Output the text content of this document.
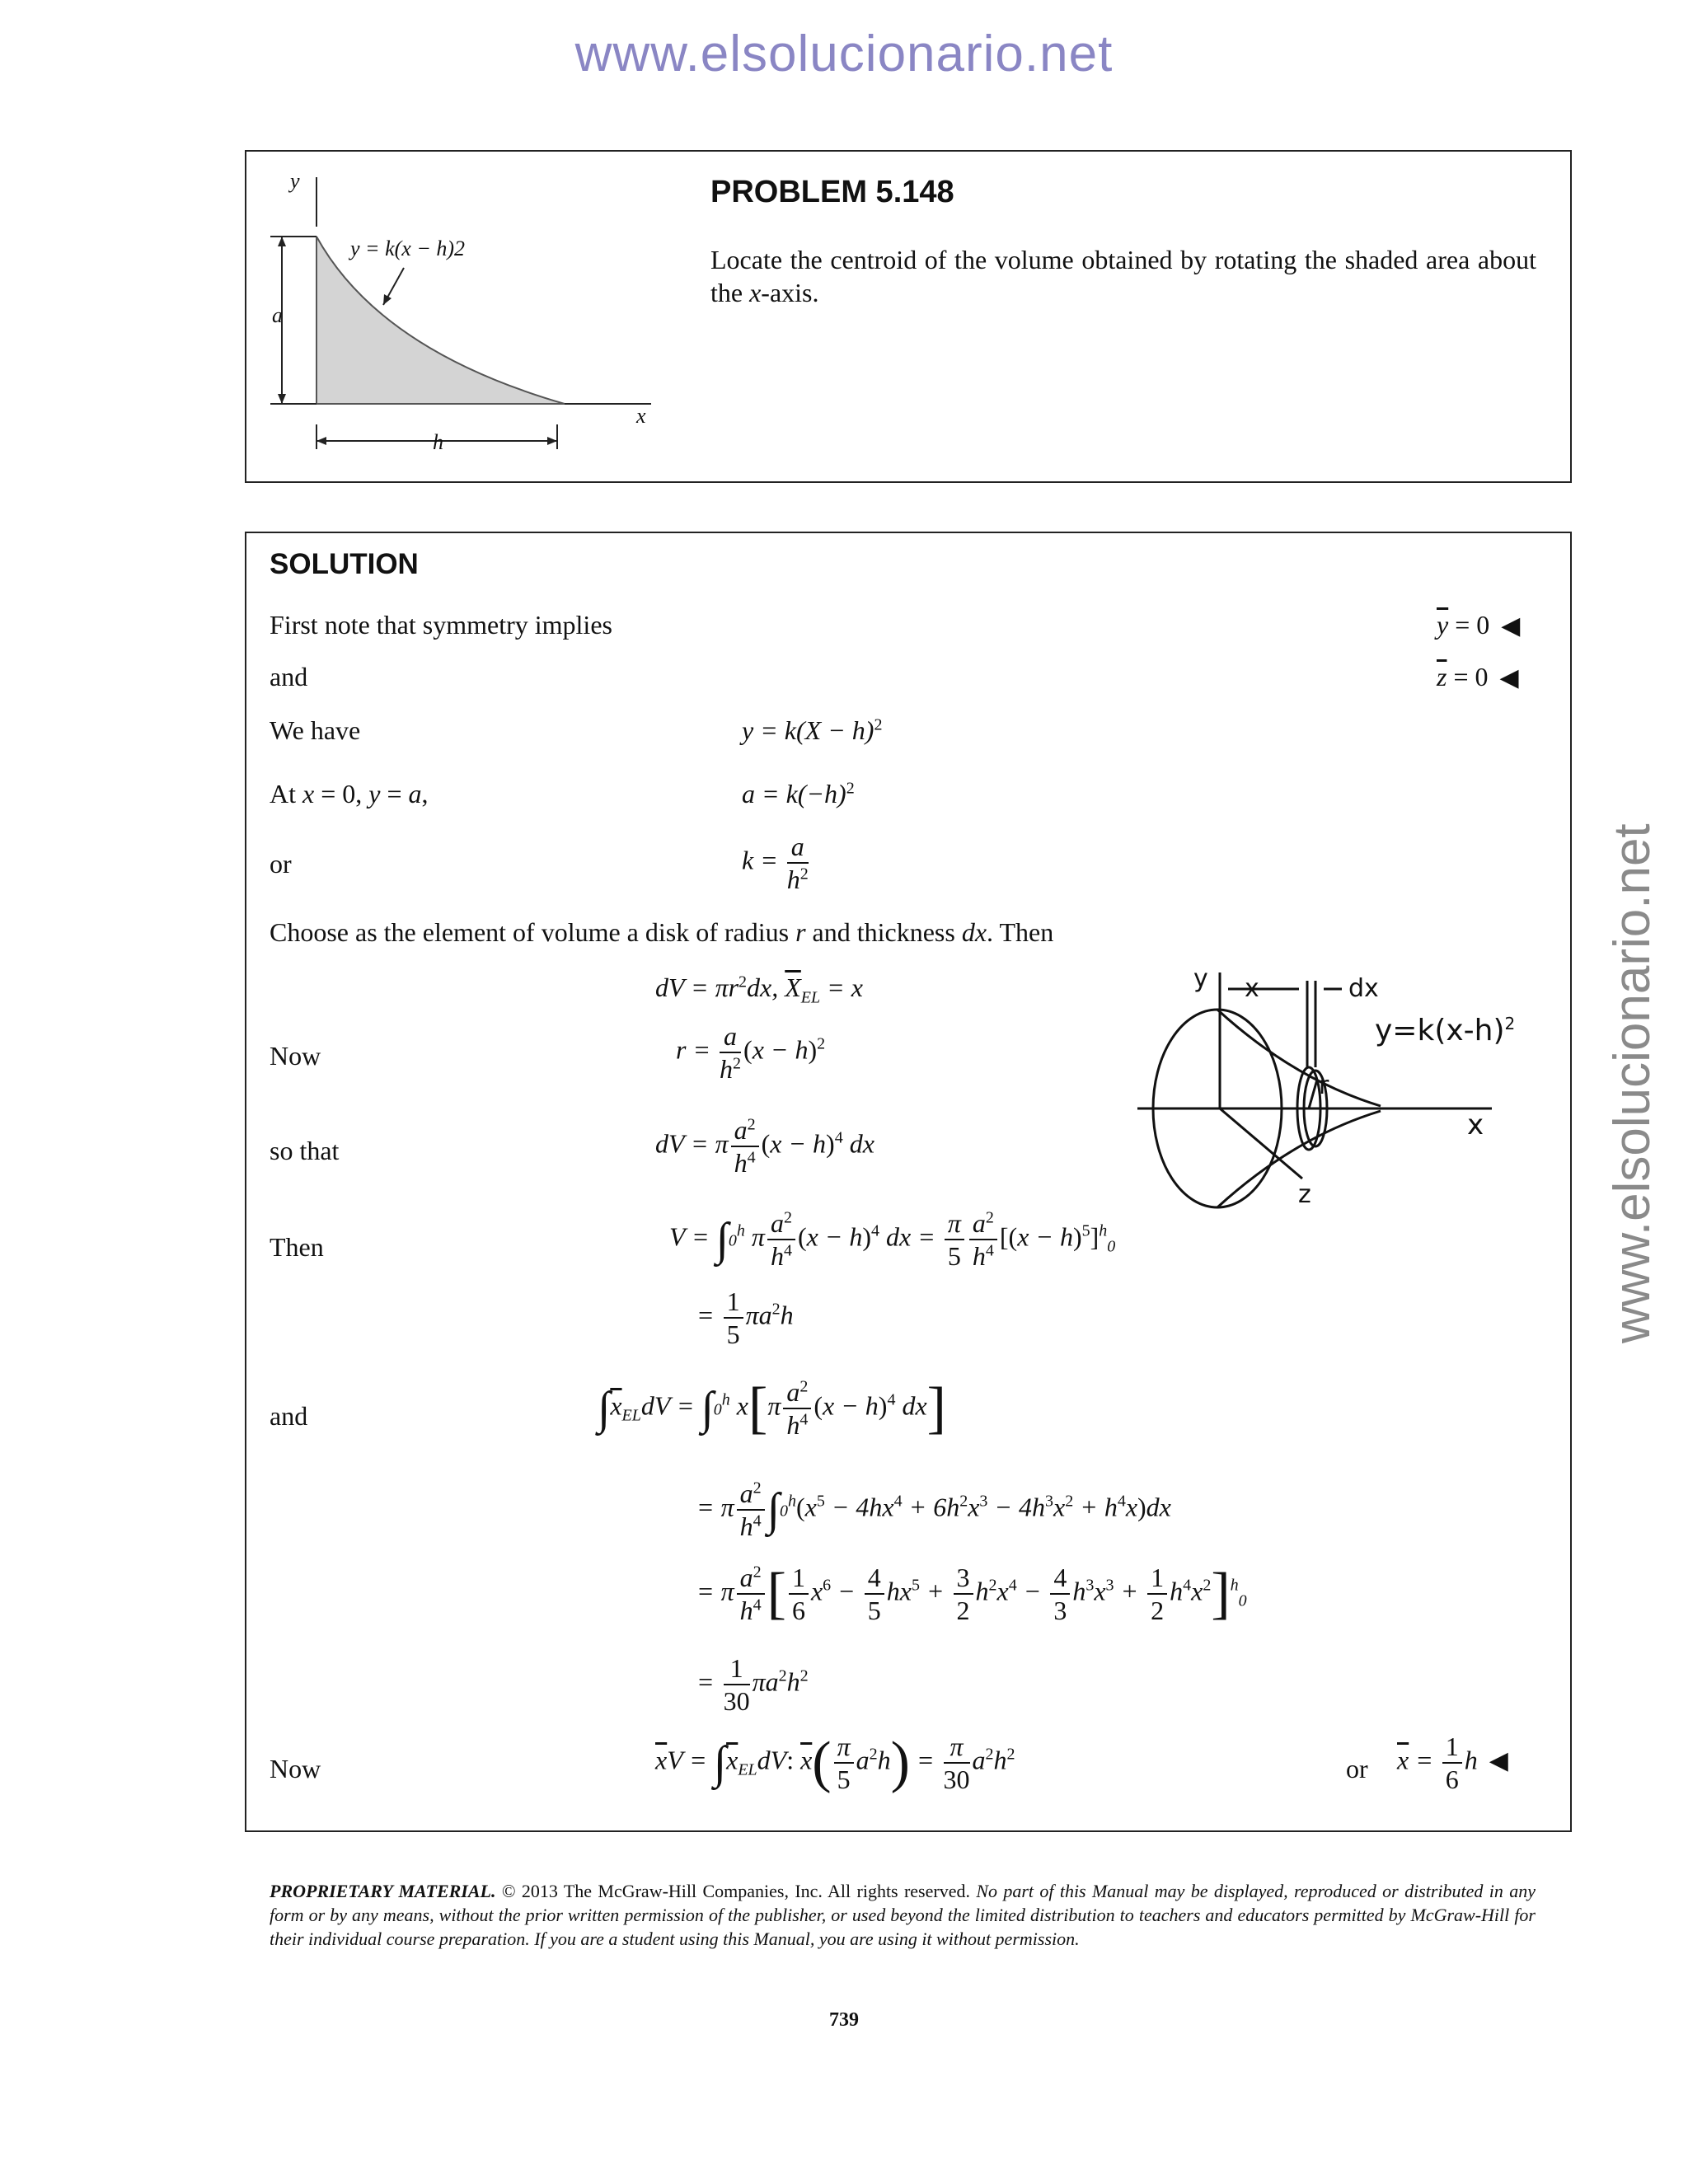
www.elsolucionario.net
www.elsolucionario.net
y
a
h
x
y = k(x − h)2
PROBLEM 5.148
Locate the centroid of the volume obtained by rotating the shaded area about the x-axis.
SOLUTION
First note that symmetry implies	$\overline{y} = 0$ ◀
and	$\overline{z} = 0$ ◀
We have	$y = k(X - h)^2$
At x = 0, y = a,	$a = k(-h)^2$
or	$k = \frac{a}{h^2}$
Choose as the element of volume a disk of radius r and thickness dx. Then
dV = $\pi r^2dx$, $\overline{X}_{EL} = x$
Now	$r = \frac{a}{h^2} (x - h)^2$
so that	dV = π $\frac{a^2}{h^4} (x - h)^4$ dx
Then	$V = \int 0^h$ π $\frac{a^2}{h^4} (x - h)^4$ dx = $\frac{\pi}{5} \frac{a^2}{h^4} [(x - h)^5]^h_0$
= $\frac{1}{5} \pi a^2h$
and	$\int\overline{x}_{EL}dV = \int 0^h$ $x[\pi \frac{a^2}{h^4} (x - h)^4$ dx]
= π $\frac{a^2}{h^4} \int 0^h(x^5 - 4hx^4 + 6h^2x^3 - 4h^3x^2 + h^4x)dx$
= π $\frac{a^2}{h^4}$ [ $\frac{1}{6} x^6 - \frac{4}{5} hx^5 + \frac{3}{2} h^2x^4 - \frac{4}{3} h^3x^3 + \frac{1}{2} h^4x^2]^h_0$
= $\frac{1}{30} \pi a^2h^2$
Now	$\overline{x}V = \int\overline{x}_{EL}dV$: $\overline{x}( \frac{\pi}{5} a^2h) = \frac{\pi}{30} a^2h^2$	or $\overline{x} = \frac{1}{6}$ h ◀
y x	dx
$y=k(x-h)^2$
r
x
z
PROPRIETARY MATERIAL. © 2013 The McGraw-Hill Companies, Inc. All rights reserved. No part of this Manual may be displayed, reproduced or distributed in any form or by any means, without the prior written permission of the publisher, or used beyond the limited distribution to teachers and educators permitted by McGraw-Hill for their individual course preparation. If you are a student using this Manual, you are using it without permission.
739
